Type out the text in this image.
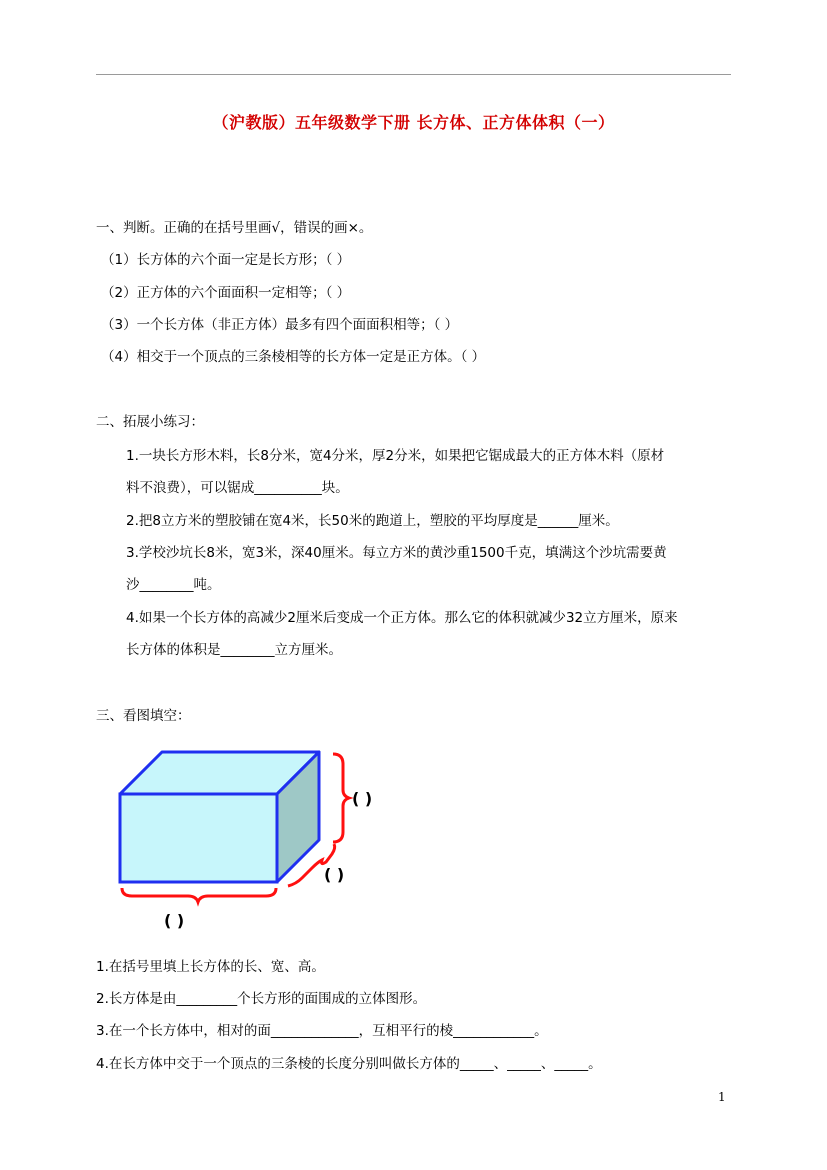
（沪教版）五年级数学下册 长方体、正方体体积（一）
一、判断。正确的在括号里画√，错误的画×。
（1）长方体的六个面一定是长方形；（ ）
（2）正方体的六个面面积一定相等；（ ）
（3）一个长方体（非正方体）最多有四个面面积相等；（ ）
（4）相交于一个顶点的三条棱相等的长方体一定是正方体。（ ）
二、拓展小练习：
1.一块长方形木料，长8分米，宽4分米，厚2分米，如果把它锯成最大的正方体木料（原材
料不浪费），可以锯成__________块。
2.把8立方米的塑胶铺在宽4米，长50米的跑道上，塑胶的平均厚度是______厘米。
3.学校沙坑长8米，宽3米，深40厘米。每立方米的黄沙重1500千克，填满这个沙坑需要黄
沙________吨。
4.如果一个长方体的高减少2厘米后变成一个正方体。那么它的体积就减少32立方厘米，原来
长方体的体积是________立方厘米。
三、看图填空：
( )
( )
( )
1.在括号里填上长方体的长、宽、高。
2.长方体是由_________个长方形的面围成的立体图形。
3.在一个长方体中，相对的面_____________，互相平行的棱____________。
4.在长方体中交于一个顶点的三条棱的长度分别叫做长方体的_____、_____、_____。
1
